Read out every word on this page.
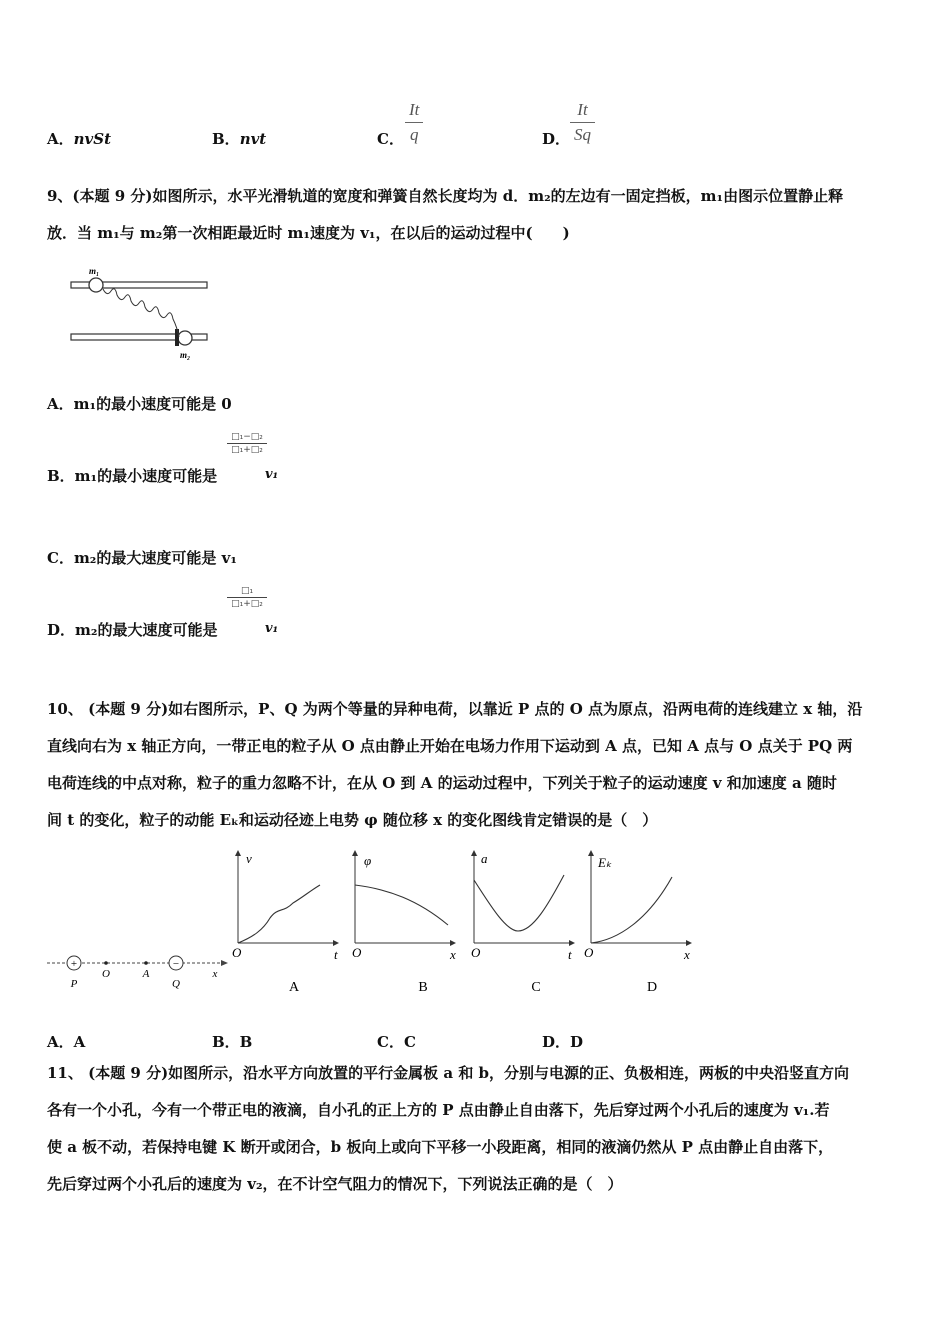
A．nvSt	B．nvt	C．
It
q	D．
It
Sq
9、(本题 9 分)如图所示，水平光滑轨道的宽度和弹簧自然长度均为 d．m₂的左边有一固定挡板，m₁由图示位置静止释
放．当 m₁与 m₂第一次相距最近时 m₁速度为 v₁，在以后的运动过程中(　　)
m₁
m₂
A．m₁的最小速度可能是 0
□₁−□₂
□₁+□₂
B．m₁的最小速度可能是	v₁
C．m₂的最大速度可能是 v₁
□₁
□₁+□₂
D．m₂的最大速度可能是	v₁
10、 (本题 9 分)如右图所示，P、Q 为两个等量的异种电荷，以靠近 P 点的 O 点为原点，沿两电荷的连线建立 x 轴，沿
直线向右为 x 轴正方向，一带正电的粒子从 O 点由静止开始在电场力作用下运动到 A 点，已知 A 点与 O 点关于 PQ 两
电荷连线的中点对称，粒子的重力忽略不计，在从 O 到 A 的运动过程中，下列关于粒子的运动速度 v 和加速度 a 随时
间 t 的变化，粒子的动能 Eₖ和运动径迹上电势 φ 随位移 x 的变化图线肯定错误的是（　）
+	−
P
O	A
Q
x
v
O	t
A
φ
O	x
B
a
O	t
C
Eₖ
O	x
D
A．A	B．B	C．C	D．D
11、 (本题 9 分)如图所示，沿水平方向放置的平行金属板 a 和 b，分别与电源的正、负极相连，两板的中央沿竖直方向
各有一个小孔，今有一个带正电的液滴，自小孔的正上方的 P 点由静止自由落下，先后穿过两个小孔后的速度为 v₁.若
使 a 板不动，若保持电键 K 断开或闭合，b 板向上或向下平移一小段距离，相同的液滴仍然从 P 点由静止自由落下，
先后穿过两个小孔后的速度为 v₂，在不计空气阻力的情况下，下列说法正确的是（　）
